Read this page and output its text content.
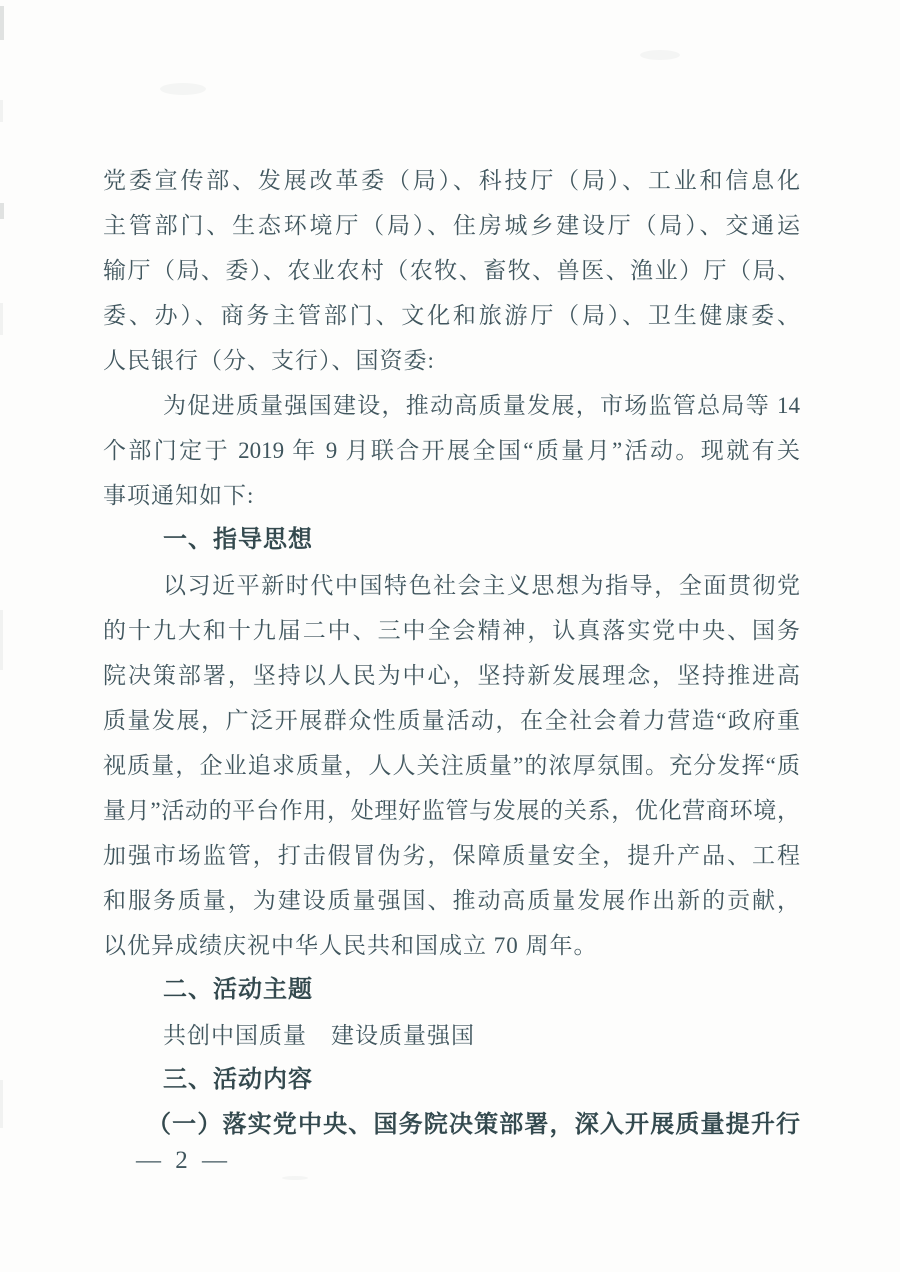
党委宣传部、发展改革委（局）、科技厅（局）、工业和信息化
主管部门、生态环境厅（局）、住房城乡建设厅（局）、交通运
输厅（局、委）、农业农村（农牧、畜牧、兽医、渔业）厅（局、
委、办）、商务主管部门、文化和旅游厅（局）、卫生健康委、
人民银行（分、支行）、国资委:
为促进质量强国建设，推动高质量发展，市场监管总局等 14
个部门定于 2019 年 9 月联合开展全国“质量月”活动。现就有关
事项通知如下:
一、指导思想
以习近平新时代中国特色社会主义思想为指导，全面贯彻党
的十九大和十九届二中、三中全会精神，认真落实党中央、国务
院决策部署，坚持以人民为中心，坚持新发展理念，坚持推进高
质量发展，广泛开展群众性质量活动，在全社会着力营造“政府重
视质量，企业追求质量，人人关注质量”的浓厚氛围。充分发挥“质
量月”活动的平台作用，处理好监管与发展的关系，优化营商环境，
加强市场监管，打击假冒伪劣，保障质量安全，提升产品、工程
和服务质量，为建设质量强国、推动高质量发展作出新的贡献，
以优异成绩庆祝中华人民共和国成立 70 周年。
二、活动主题
共创中国质量　建设质量强国
三、活动内容
（一）落实党中央、国务院决策部署，深入开展质量提升行
— 2 —
